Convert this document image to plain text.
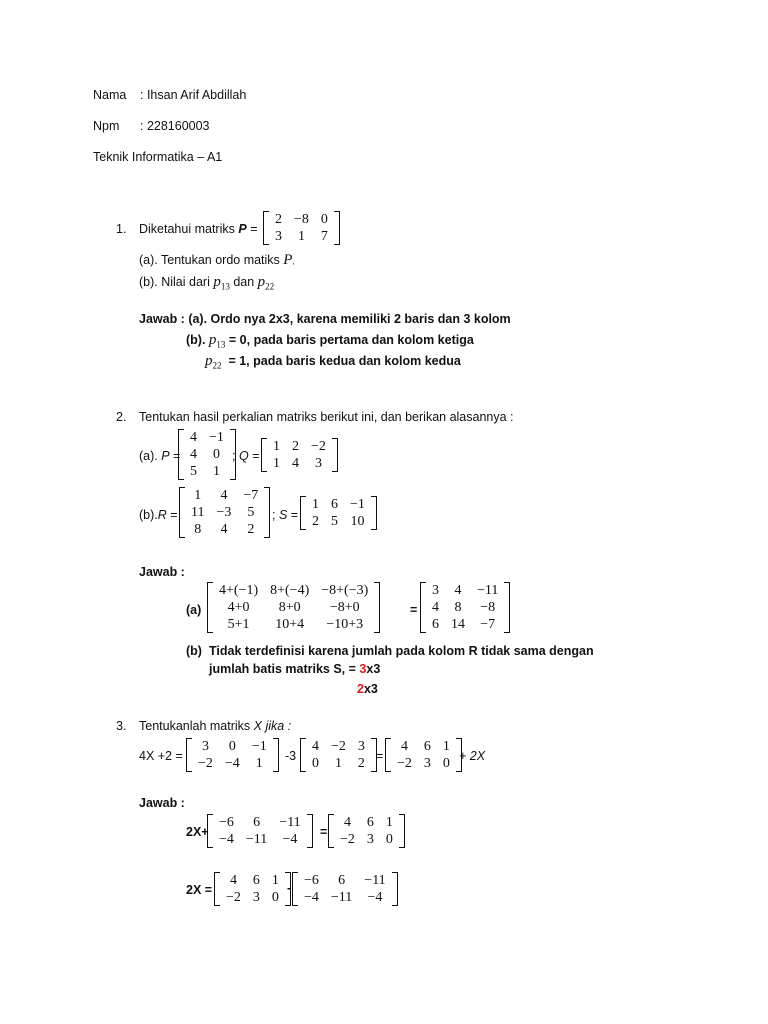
Nama : Ihsan Arif Abdillah
Npm : 228160003
Teknik Informatika – A1
1. Diketahui matriks P =
2	−8	0
3	1	7
(a). Tentukan ordo matiks P,
(b). Nilai dari $p_{13}$ dan $p_{22}$
Jawab : (a). Ordo nya 2x3, karena memiliki 2 baris dan 3 kolom
(b). $p_{13} = 0$, pada baris pertama dan kolom ketiga
$p_{22} = 1$, pada baris kedua dan kolom kedua
2. Tentukan hasil perkalian matriks berikut ini, dan berikan alasannya :
(a). P =
4	−1
4	0
5	1
; Q =
1	2	−2
1	4	3
(b).R =
1	4	−7
11	−3	5
8	4	2
; S =
1	6	−1
2	5	10
Jawab :
(a)
4+(−1)	8+(−4)	−8+(−3)
4+0	8+0	−8+0
5+1	10+4	−10+3
=
3	4	−11
4	8	−8
6	14	−7
(b) Tidak terdefinisi karena jumlah pada kolom R tidak sama dengan
jumlah batis matriks S, = 3x3
2x3
3. Tentukanlah matriks X jika :
4X +2 =
3	0	−1
−2	−4	1 -3
4	−2	3
0	1	2 =
4	6	1
−2	3	0 + 2X
Jawab :
2X+
−6	6	−11
−4	−11	−4 =
4	6	1
−2	3	0
2X =
4	6	1
−2	3	0
- −6	6	−11
−4	−11	−4
